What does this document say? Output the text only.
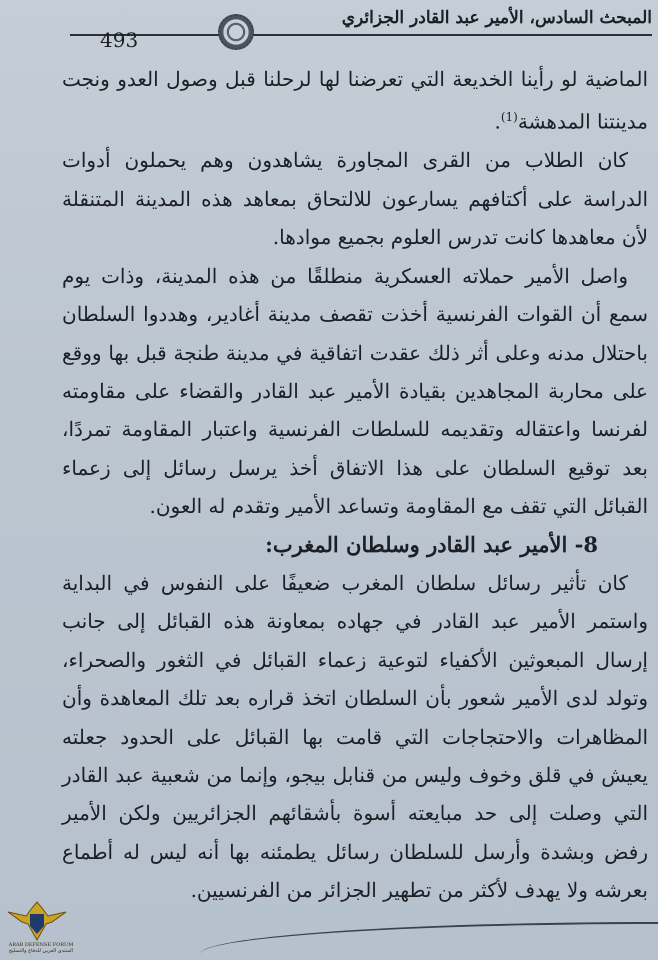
المبحث السادس، الأمير عبد القادر الجزائري
493

الماضية لو رأينا الخديعة التي تعرضنا لها لرحلنا قبل وصول العدو ونجت مدينتنا المدهشة$^{(1)}$.

كان الطلاب من القرى المجاورة يشاهدون وهم يحملون أدوات الدراسة على أكتافهم يسارعون للالتحاق بمعاهد هذه المدينة المتنقلة لأن معاهدها كانت تدرس العلوم بجميع موادها.

واصل الأمير حملاته العسكرية منطلقًا من هذه المدينة، وذات يوم سمع أن القوات الفرنسية أخذت تقصف مدينة أغادير، وهددوا السلطان باحتلال مدنه وعلى أثر ذلك عقدت اتفاقية في مدينة طنجة قبل بها ووقع على محاربة المجاهدين بقيادة الأمير عبد القادر والقضاء على مقاومته لفرنسا واعتقاله وتقديمه للسلطات الفرنسية واعتبار المقاومة تمردًا، بعد توقيع السلطان على هذا الاتفاق أخذ يرسل رسائل إلى زعماء القبائل التي تقف مع المقاومة وتساعد الأمير وتقدم له العون.

8- الأمير عبد القادر وسلطان المغرب:

كان تأثير رسائل سلطان المغرب ضعيفًا على النفوس في البداية واستمر الأمير عبد القادر في جهاده بمعاونة هذه القبائل إلى جانب إرسال المبعوثين الأكفياء لتوعية زعماء القبائل في الثغور والصحراء، وتولد لدى الأمير شعور بأن السلطان اتخذ قراره بعد تلك المعاهدة وأن المظاهرات والاحتجاجات التي قامت بها القبائل على الحدود جعلته يعيش في قلق وخوف وليس من قنابل بيجو، وإنما من شعبية عبد القادر التي وصلت إلى حد مبايعته أسوة بأشقائهم الجزائريين ولكن الأمير رفض وبشدة وأرسل للسلطان رسائل يطمئنه بها أنه ليس له أطماع بعرشه ولا يهدف لأكثر من تطهير الجزائر من الفرنسيين.

ARAB DEFENSE FORUM
المنتدى العربي للدفاع والتسليح
